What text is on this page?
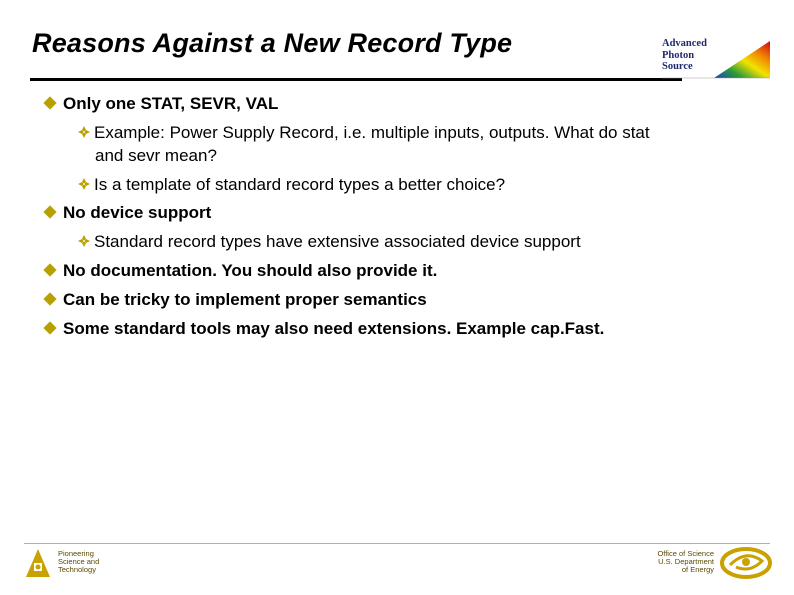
Reasons Against a New Record Type	Advanced
Photon
Source
Only one STAT, SEVR, VAL
Example: Power Supply Record, i.e. multiple inputs, outputs. What do stat
and sevr mean?
Is a template of standard record types a better choice?
No device support
Standard record types have extensive associated device support
No documentation. You should also provide it.
Can be tricky to implement proper semantics
Some standard tools may also need extensions. Example cap.Fast.
Pioneering
Science and
Technology
Office of Science
U.S. Department
of Energy
